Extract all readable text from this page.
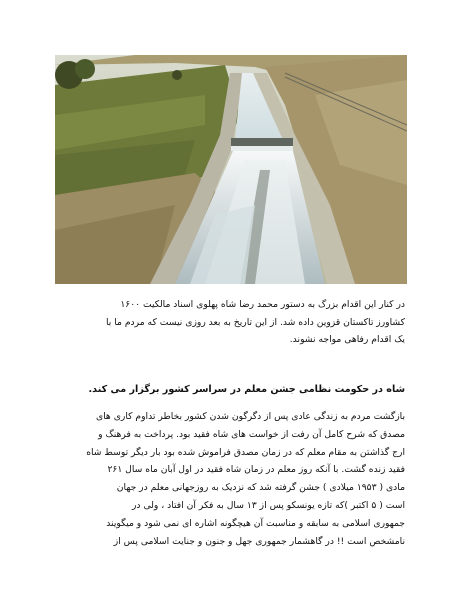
در کنار این اقدام بزرگ به دستور محمد رضا شاه پهلوی اسناد مالکیت ۱۶۰۰
کشاورز تاکستان قزوین داده شد. از این تاریخ به بعد روزی نیست که مردم ما با
یک اقدام رفاهی مواجه نشوند.
شاه در حکومت نظامی جشن معلم در سراسر کشور برگزار می کند.
بازگشت مردم به زندگی عادی پس از دگرگون شدن کشور بخاطر تداوم کاری های
مصدق که شرح کامل آن رفت از خواست های شاه فقید بود. پرداخت به فرهنگ و
ارج گذاشتن به مقام معلم که در زمان مصدق فراموش شده بود بار دیگر توسط شاه
فقید زنده گشت. با آنکه روز معلم در زمان شاه فقید در اول آبان ماه سال ۲۶۱
مادی ( ۱۹۵۳ میلادی ) جشن گرفته شد که نزدیک به روزجهانی معلم در جهان
است ( ۵ اکتبر )که تازه یونسکو پس از ۱۳ سال به فکر آن افتاد ، ولی در
جمهوری اسلامی به سابقه و مناسبت آن هیچگونه اشاره ای نمی شود و میگویند
نامشخص است !! در گاهشمار جمهوری جهل و جنون و جنایت اسلامی پس از
